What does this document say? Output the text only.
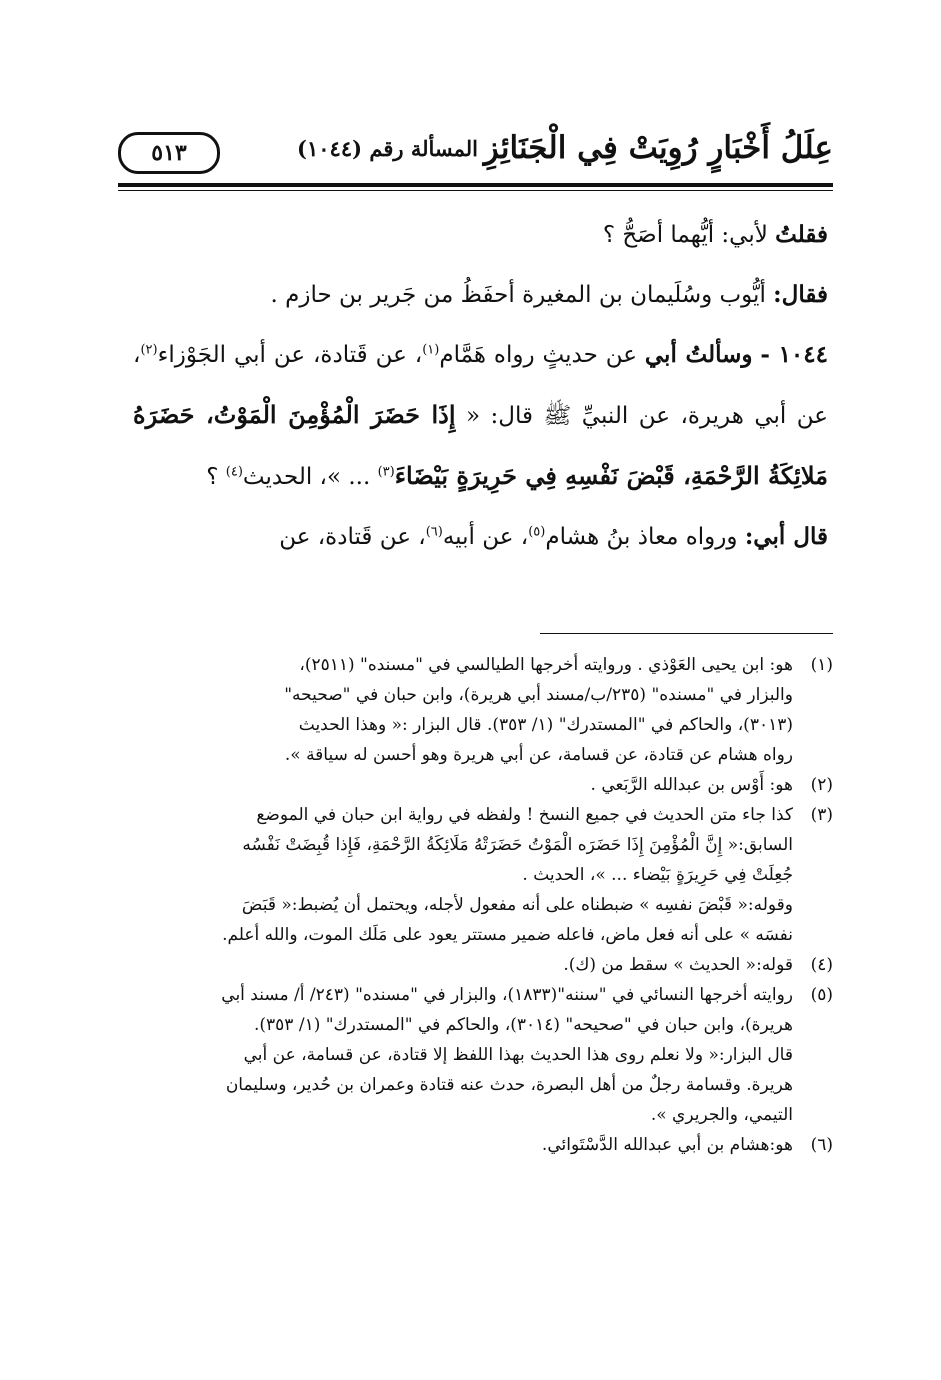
عِلَلُ أَخْبَارٍ رُوِيَتْ فِي الْجَنَائِزِ
المسألة رقم (١٠٤٤)
٥١٣

فقلتُ لأبي: أيُّهما أصَحُّ ؟

فقال: أيُّوب وسُلَيمان بن المغيرة أحفَظُ من جَرير بن حازم .

١٠٤٤ - وسألتُ أبي عن حديثٍ رواه هَمَّام$^{(١)}$، عن قَتادة، عن أبي الجَوْزاء$^{(٢)}$، عن أبي هريرة، عن النبيِّ ﷺ قال: « إِذَا حَضَرَ الْمُؤْمِنَ الْمَوْتُ، حَضَرَهُ مَلائِكَةُ الرَّحْمَةِ، قَبْضَ نَفْسِهِ فِي حَرِيرَةٍ بَيْضَاءَ$^{(٣)}$ ... »، الحديث$^{(٤)}$ ؟

قال أبي: ورواه معاذ بنُ هشام$^{(٥)}$، عن أبيه$^{(٦)}$، عن قَتادة، عن

(١)
هو: ابن يحيى العَوْذي . وروايته أخرجها الطيالسي في "مسنده" (٢٥١١)،
والبزار في "مسنده" (٢٣٥/ب/مسند أبي هريرة)، وابن حبان في "صحيحه"
(٣٠١٣)، والحاكم في "المستدرك" (١/ ٣٥٣). قال البزار :« وهذا الحديث
رواه هشام عن قتادة، عن قسامة، عن أبي هريرة وهو أحسن له سياقة ».
(٢)
هو: أَوْس بن عبدالله الرَّبَعي .
(٣)
كذا جاء متن الحديث في جميع النسخ ! ولفظه في رواية ابن حبان في الموضع
السابق:« إِنَّ الْمُؤْمِنَ إِذَا حَضَرَه الْمَوْتُ حَضَرَتْهُ مَلَائِكَةُ الرَّحْمَةِ، فَإِذا قُبِضَتْ نَفْسُه
جُعِلَتْ فِي حَرِيرَةٍ بَيْضاء ... »، الحديث .
وقوله:« قَبْضَ نفسِه » ضبطناه على أنه مفعول لأجله، ويحتمل أن يُضبط:« قَبَضَ
نفسَه » على أنه فعل ماض، فاعله ضمير مستتر يعود على مَلَك الموت، والله أعلم.
(٤)
قوله:« الحديث » سقط من (ك).
(٥)
روايته أخرجها النسائي في "سننه"(١٨٣٣)، والبزار في "مسنده" (٢٤٣/ أ/ مسند أبي
هريرة)، وابن حبان في "صحيحه" (٣٠١٤)، والحاكم في "المستدرك" (١/ ٣٥٣).
قال البزار:« ولا نعلم روى هذا الحديث بهذا اللفظ إلا قتادة، عن قسامة، عن أبي
هريرة. وقسامة رجلٌ من أهل البصرة، حدث عنه قتادة وعمران بن حُدير، وسليمان
التيمي، والجريري ».
(٦)
هو:هشام بن أبي عبدالله الدَّسْتَوائي.
